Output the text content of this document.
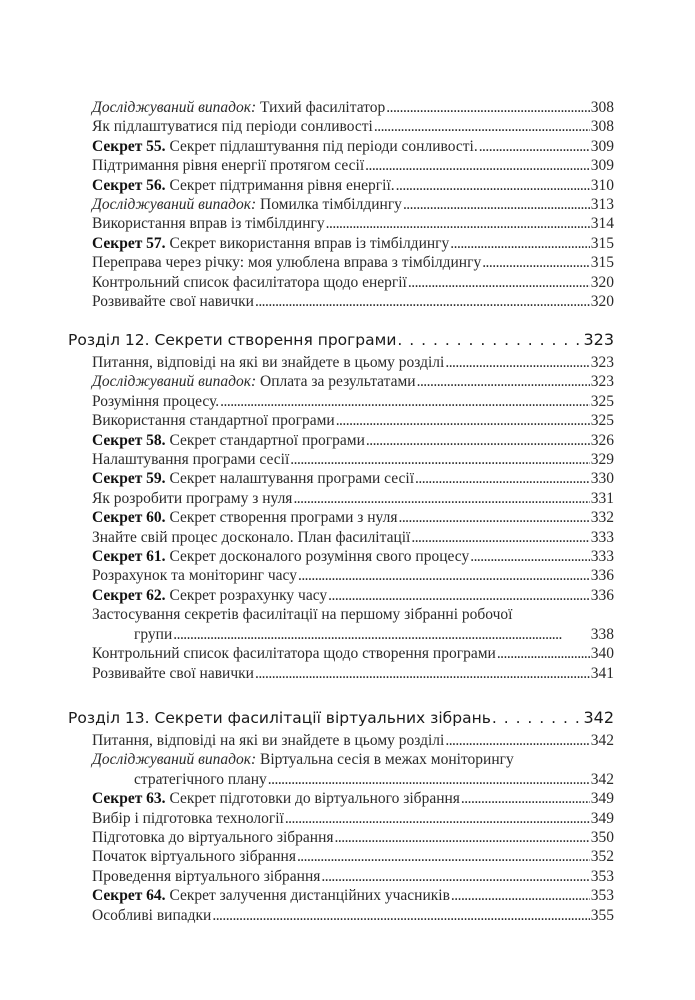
Досліджуваний випадок: Тихий фасилітатор . . .	308
Як підлаштуватися під періоди сонливості . . .	308
Секрет 55. Секрет підлаштування під періоди сонливості. . . .	309
Підтримання рівня енергії протягом сесії . . .	309
Секрет 56. Секрет підтримання рівня енергії. . . .	310
Досліджуваний випадок: Помилка тімбілдингу . . .	313
Використання вправ із тімбілдингу . . .	314
Секрет 57. Секрет використання вправ із тімбілдингу . . .	315
Переправа через річку: моя улюблена вправа з тімбілдингу . . .	315
Контрольний список фасилітатора щодо енергії . . .	320
Розвивайте свої навички . . .	320
Розділ 12. Секрети створення програми . . .	323
Питання, відповіді на які ви знайдете в цьому розділі . . .	323
Досліджуваний випадок: Оплата за результатами . . .	323
Розуміння процесу. . . .	325
Використання стандартної програми . . .	325
Секрет 58. Секрет стандартної програми . . .	326
Налаштування програми сесії . . .	329
Секрет 59. Секрет налаштування програми сесії . . .	330
Як розробити програму з нуля . . .	331
Секрет 60. Секрет створення програми з нуля . . .	332
Знайте свій процес досконало. План фасилітації . . .	333
Секрет 61. Секрет досконалого розуміння свого процесу . . .	333
Розрахунок та моніторинг часу . . .	336
Секрет 62. Секрет розрахунку часу . . .	336
Застосування секретів фасилітації на першому зібранні робочої
групи . . .	338
Контрольний список фасилітатора щодо створення програми . . .	340
Розвивайте свої навички . . .	341
Розділ 13. Секрети фасилітації віртуальних зібрань . . .	342
Питання, відповіді на які ви знайдете в цьому розділі . . .	342
Досліджуваний випадок: Віртуальна сесія в межах моніторингу
стратегічного плану . . .	342
Секрет 63. Секрет підготовки до віртуального зібрання . . .	349
Вибір і підготовка технології . . .	349
Підготовка до віртуального зібрання . . .	350
Початок віртуального зібрання . . .	352
Проведення віртуального зібрання . . .	353
Секрет 64. Секрет залучення дистанційних учасників . . .	353
Особливі випадки . . .	355
